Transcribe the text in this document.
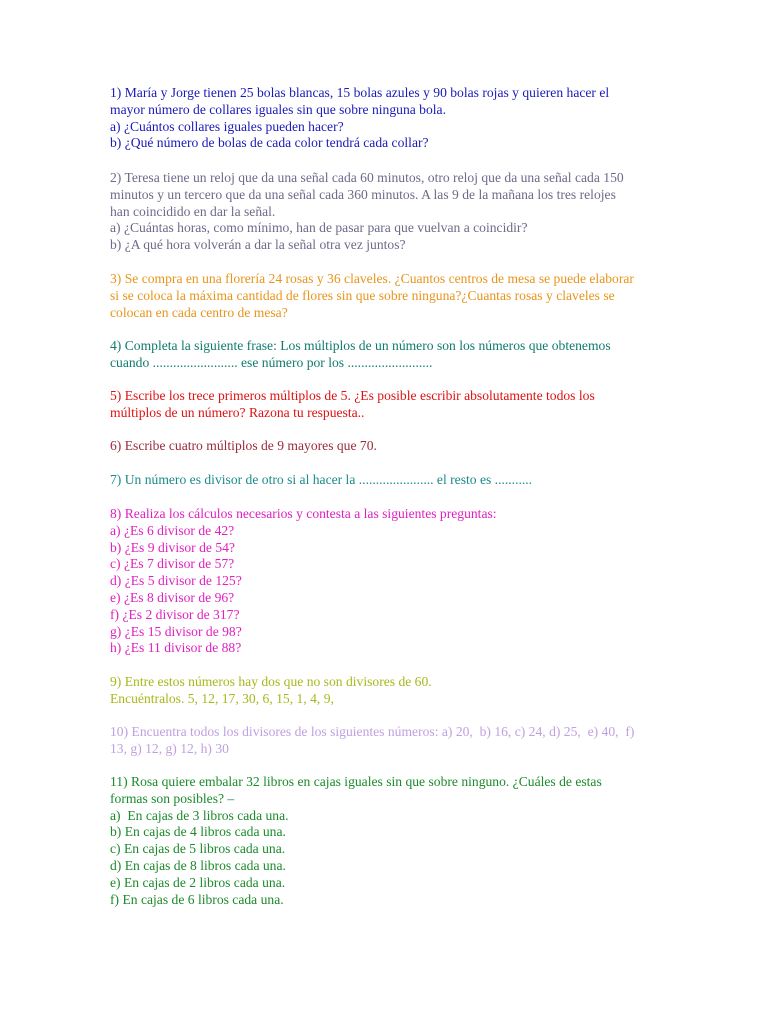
1) María y Jorge tienen 25 bolas blancas, 15 bolas azules y 90 bolas rojas y quieren hacer el

mayor número de collares iguales sin que sobre ninguna bola.

a) ¿Cuántos collares iguales pueden hacer?

b) ¿Qué número de bolas de cada color tendrá cada collar?

2) Teresa tiene un reloj que da una señal cada 60 minutos, otro reloj que da una señal cada 150

minutos y un tercero que da una señal cada 360 minutos. A las 9 de la mañana los tres relojes

han coincidido en dar la señal.

a) ¿Cuántas horas, como mínimo, han de pasar para que vuelvan a coincidir?

b) ¿A qué hora volverán a dar la señal otra vez juntos?

3) Se compra en una florería 24 rosas y 36 claveles. ¿Cuantos centros de mesa se puede elaborar

si se coloca la máxima cantidad de flores sin que sobre ninguna?¿Cuantas rosas y claveles se

colocan en cada centro de mesa?

4) Completa la siguiente frase: Los múltiplos de un número son los números que obtenemos

cuando ......................... ese número por los .........................

5) Escribe los trece primeros múltiplos de 5. ¿Es posible escribir absolutamente todos los

múltiplos de un número? Razona tu respuesta..

6) Escribe cuatro múltiplos de 9 mayores que 70.

7) Un número es divisor de otro si al hacer la ...................... el resto es ...........

8) Realiza los cálculos necesarios y contesta a las siguientes preguntas:

a) ¿Es 6 divisor de 42?

b) ¿Es 9 divisor de 54?

c) ¿Es 7 divisor de 57?

d) ¿Es 5 divisor de 125?

e) ¿Es 8 divisor de 96?

f) ¿Es 2 divisor de 317?

g) ¿Es 15 divisor de 98?

h) ¿Es 11 divisor de 88?

9) Entre estos números hay dos que no son divisores de 60.

Encuéntralos. 5, 12, 17, 30, 6, 15, 1, 4, 9,

10) Encuentra todos los divisores de los siguientes números: a) 20,  b) 16, c) 24, d) 25,  e) 40,  f)

13, g) 12, g) 12, h) 30

11) Rosa quiere embalar 32 libros en cajas iguales sin que sobre ninguno. ¿Cuáles de estas

formas son posibles? –

a)  En cajas de 3 libros cada una.

b) En cajas de 4 libros cada una.

c) En cajas de 5 libros cada una.

d) En cajas de 8 libros cada una.

e) En cajas de 2 libros cada una.

f) En cajas de 6 libros cada una.
